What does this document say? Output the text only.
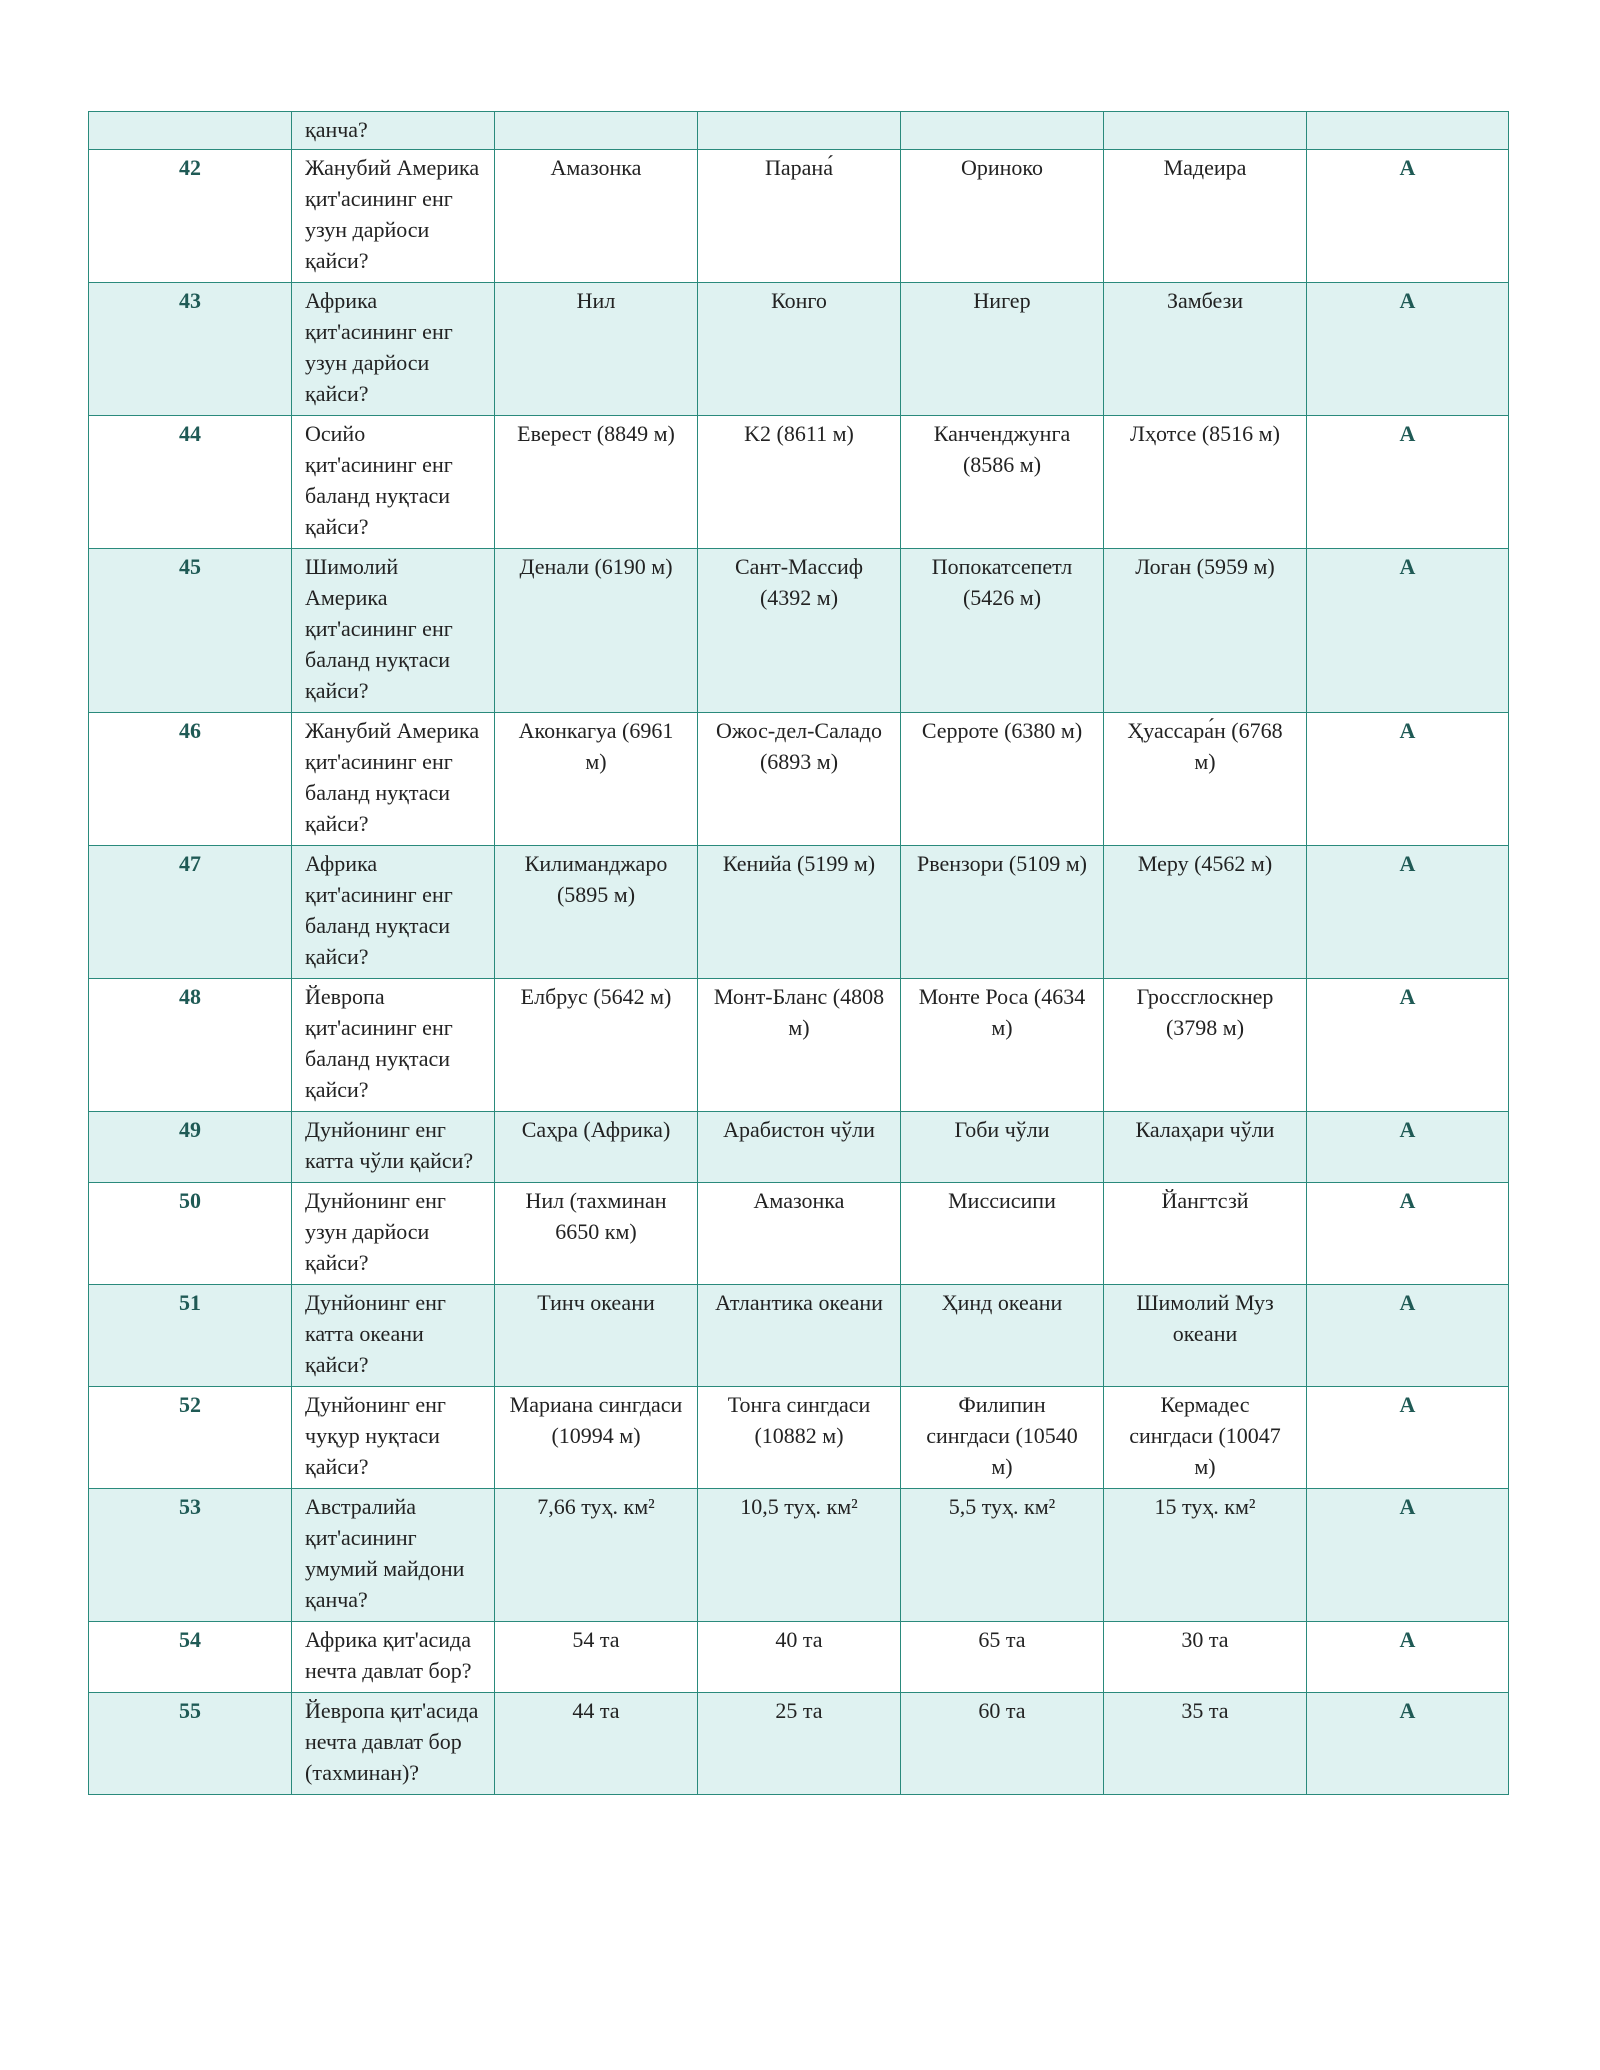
	қанча?					
42	Жанубий Америка қит'асининг енг узун дарйоси қайси?	Амазонка	Парана́	Ориноко	Мадеира	A
43	Африка қит'асининг енг узун дарйоси қайси?	Нил	Конго	Нигер	Замбези	A
44	Осийо қит'асининг енг баланд нуқтаси қайси?	Еверест (8849 м)	K2 (8611 м)	Канченджунга (8586 м)	Лҳотсе (8516 м)	A
45	Шимолий Америка қит'асининг енг баланд нуқтаси қайси?	Денали (6190 м)	Сант-Массиф (4392 м)	Попокатсепетл (5426 м)	Логан (5959 м)	A
46	Жанубий Америка қит'асининг енг баланд нуқтаси қайси?	Аконкагуа (6961 м)	Ожос-дел-Саладо (6893 м)	Серроте (6380 м)	Ҳуассара́н (6768 м)	A
47	Африка қит'асининг енг баланд нуқтаси қайси?	Килиманджаро (5895 м)	Кенийа (5199 м)	Рвензори (5109 м)	Меру (4562 м)	A
48	Йевропа қит'асининг енг баланд нуқтаси қайси?	Елбрус (5642 м)	Монт-Бланс (4808 м)	Монте Роса (4634 м)	Гроссглоскнер (3798 м)	A
49	Дунйонинг енг катта чўли қайси?	Саҳра (Африка)	Арабистон чўли	Гоби чўли	Калаҳари чўли	A
50	Дунйонинг енг узун дарйоси қайси?	Нил (тахминан 6650 км)	Амазонка	Миссисипи	Йангтсзй	A
51	Дунйонинг енг катта океани қайси?	Тинч океани	Атлантика океани	Ҳинд океани	Шимолий Муз океани	A
52	Дунйонинг енг чуқур нуқтаси қайси?	Мариана сингдаси (10994 м)	Тонга сингдаси (10882 м)	Филипин сингдаси (10540 м)	Кермадес сингдаси (10047 м)	A
53	Австралийа қит'асининг умумий майдони қанча?	7,66 туҳ. км²	10,5 туҳ. км²	5,5 туҳ. км²	15 туҳ. км²	A
54	Африка қит'асида нечта давлат бор?	54 та	40 та	65 та	30 та	A
55	Йевропа қит'асида нечта давлат бор (тахминан)?	44 та	25 та	60 та	35 та	A
